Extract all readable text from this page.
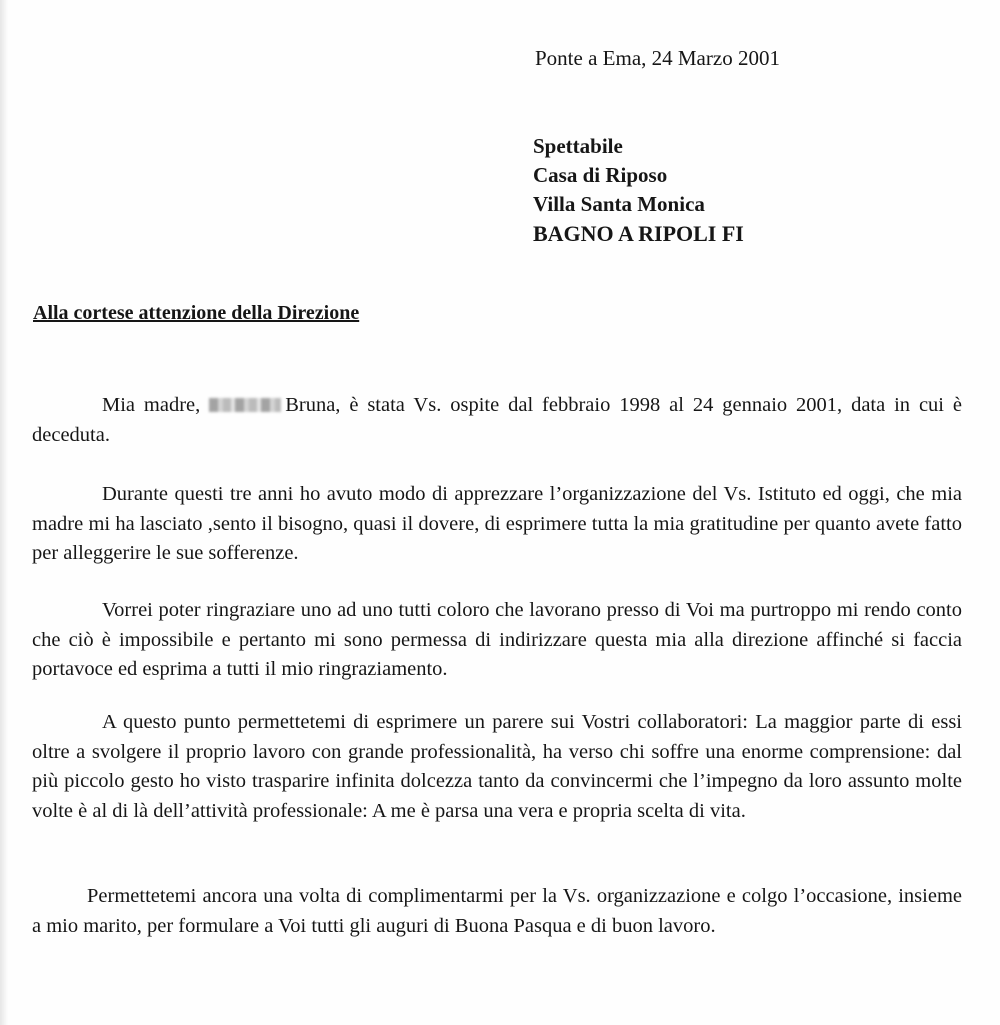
Ponte a Ema, 24 Marzo 2001
Spettabile
Casa di Riposo
Villa Santa Monica
BAGNO A RIPOLI FI
Alla cortese attenzione della Direzione
Mia madre,	Bruna, è stata Vs. ospite dal febbraio 1998 al 24 gennaio 2001, data in cui è deceduta.
Durante questi tre anni ho avuto modo di apprezzare l’organizzazione del Vs. Istituto ed oggi, che mia madre mi ha lasciato ,sento il bisogno, quasi il dovere, di esprimere tutta la mia gratitudine per quanto avete fatto per alleggerire le sue sofferenze.
Vorrei poter ringraziare uno ad uno tutti coloro che lavorano presso di Voi ma purtroppo mi rendo conto che ciò è impossibile e pertanto mi sono permessa di indirizzare questa mia alla direzione affinché si faccia portavoce ed esprima a tutti il mio ringraziamento.
A questo punto permettetemi di esprimere un parere sui Vostri collaboratori: La maggior parte di essi oltre a svolgere il proprio lavoro con grande professionalità, ha verso chi soffre una enorme comprensione: dal più piccolo gesto ho visto trasparire infinita dolcezza tanto da convincermi che l’impegno da loro assunto molte volte è al di là dell’attività professionale: A me è parsa una vera e propria scelta di vita.
Permettetemi ancora una volta di complimentarmi per la Vs. organizzazione e colgo l’occasione, insieme a mio marito, per formulare a Voi tutti gli auguri di Buona Pasqua e di buon lavoro.
